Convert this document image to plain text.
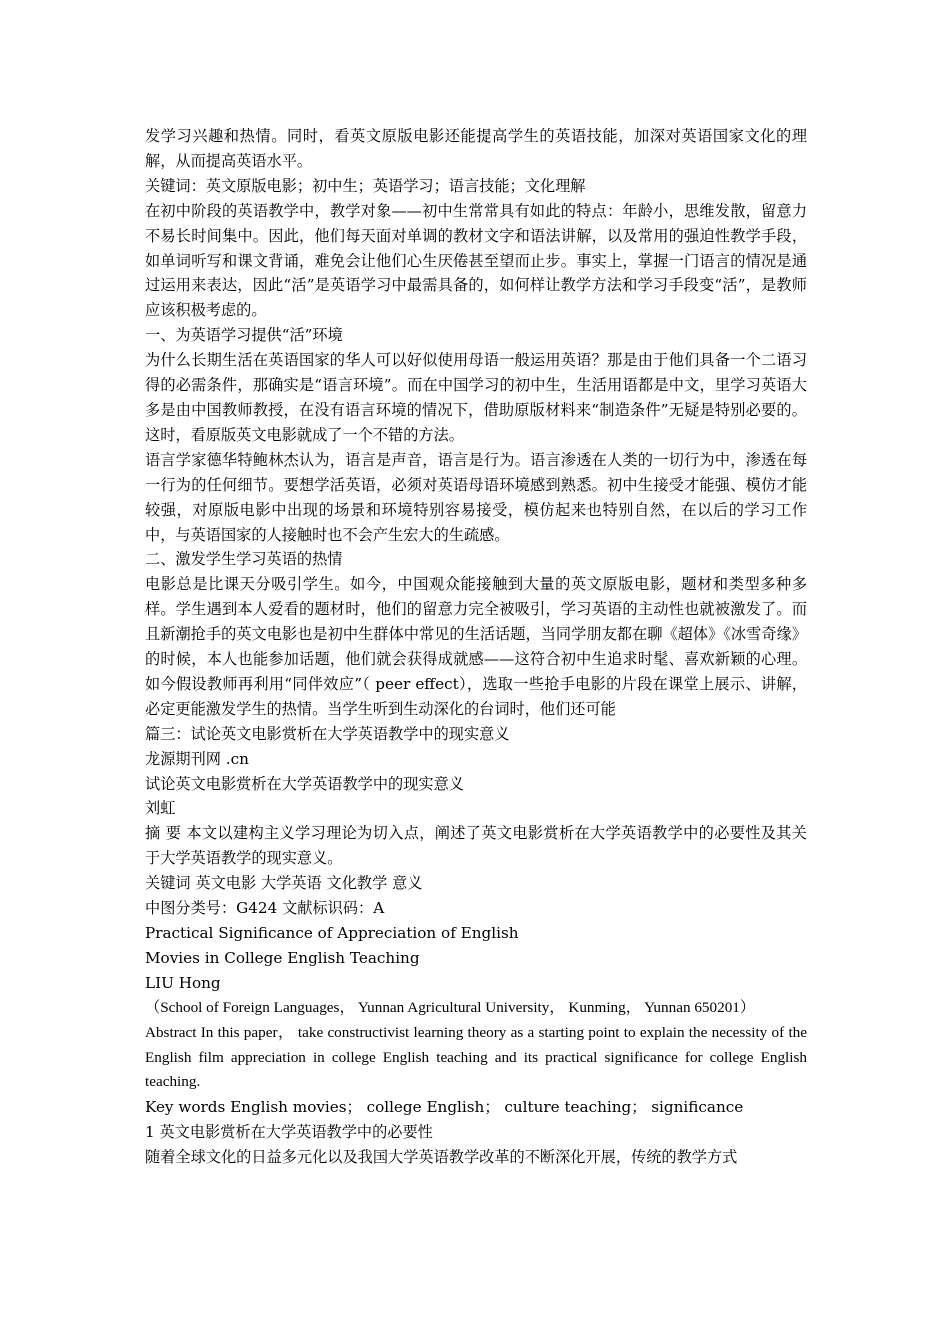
发学习兴趣和热情。同时，看英文原版电影还能提高学生的英语技能，加深对英语国家文化的理解，从而提高英语水平。

关键词：英文原版电影；初中生；英语学习；语言技能；文化理解

在初中阶段的英语教学中，教学对象——初中生常常具有如此的特点：年龄小，思维发散，留意力不易长时间集中。因此，他们每天面对单调的教材文字和语法讲解，以及常用的强迫性教学手段，如单词听写和课文背诵，难免会让他们心生厌倦甚至望而止步。事实上，掌握一门语言的情况是通过运用来表达，因此“活”是英语学习中最需具备的，如何样让教学方法和学习手段变“活”，是教师应该积极考虑的。

一、为英语学习提供“活”环境

为什么长期生活在英语国家的华人可以好似使用母语一般运用英语？那是由于他们具备一个二语习得的必需条件，那确实是“语言环境”。而在中国学习的初中生，生活用语都是中文，里学习英语大多是由中国教师教授，在没有语言环境的情况下，借助原版材料来“制造条件”无疑是特别必要的。这时，看原版英文电影就成了一个不错的方法。

语言学家德华特鲍林杰认为，语言是声音，语言是行为。语言渗透在人类的一切行为中，渗透在每一行为的任何细节。要想学活英语，必须对英语母语环境感到熟悉。初中生接受才能强、模仿才能较强，对原版电影中出现的场景和环境特别容易接受，模仿起来也特别自然，在以后的学习工作中，与英语国家的人接触时也不会产生宏大的生疏感。

二、激发学生学习英语的热情

电影总是比课天分吸引学生。如今，中国观众能接触到大量的英文原版电影，题材和类型多种多样。学生遇到本人爱看的题材时，他们的留意力完全被吸引，学习英语的主动性也就被激发了。而且新潮抢手的英文电影也是初中生群体中常见的生活话题，当同学朋友都在聊《超体》《冰雪奇缘》的时候，本人也能参加话题，他们就会获得成就感——这符合初中生追求时髦、喜欢新颖的心理。如今假设教师再利用“同伴效应”（ peer effect），选取一些抢手电影的片段在课堂上展示、讲解，必定更能激发学生的热情。当学生听到生动深化的台词时，他们还可能

篇三：试论英文电影赏析在大学英语教学中的现实意义

龙源期刊网 .cn

试论英文电影赏析在大学英语教学中的现实意义

刘虹

摘 要 本文以建构主义学习理论为切入点，阐述了英文电影赏析在大学英语教学中的必要性及其关于大学英语教学的现实意义。

关键词 英文电影 大学英语 文化教学 意义

中图分类号：G424 文献标识码：A

Practical Significance of Appreciation of English

Movies in College English Teaching

LIU Hong

（School of Foreign Languages， Yunnan Agricultural University， Kunming， Yunnan 650201）

Abstract In this paper， take constructivist learning theory as a starting point to explain the necessity of the English film appreciation in college English teaching and its practical significance for college English teaching.

Key words English movies； college English； culture teaching； significance

1 英文电影赏析在大学英语教学中的必要性

随着全球文化的日益多元化以及我国大学英语教学改革的不断深化开展，传统的教学方式
